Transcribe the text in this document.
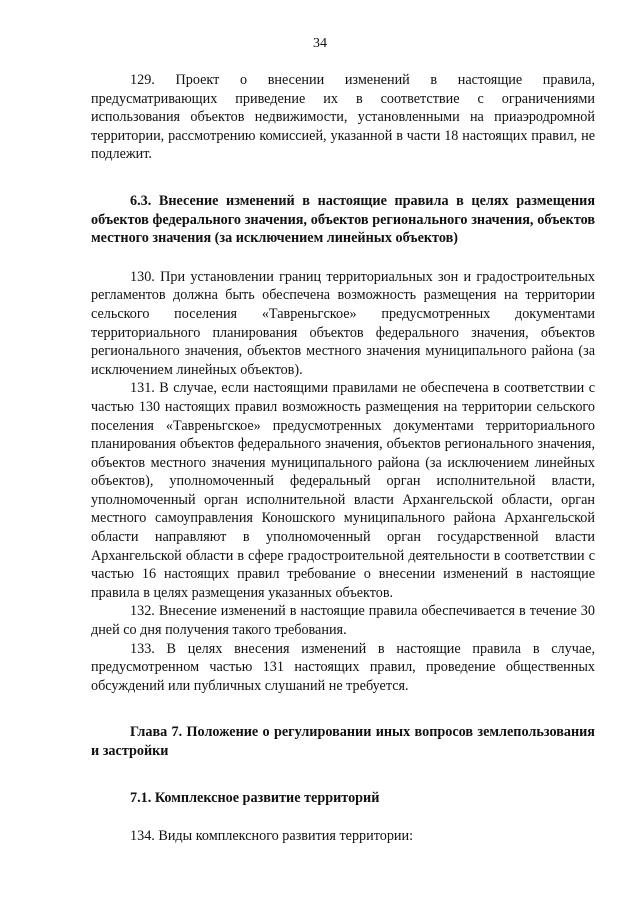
34

129. Проект о внесении изменений в настоящие правила, предусматривающих приведение их в соответствие с ограничениями использования объектов недвижимости, установленными на приаэродромной территории, рассмотрению комиссией, указанной в части 18 настоящих правил, не подлежит.

6.3. Внесение изменений в настоящие правила в целях размещения объектов федерального значения, объектов регионального значения, объектов местного значения (за исключением линейных объектов)

130. При установлении границ территориальных зон и градостроительных регламентов должна быть обеспечена возможность размещения на территории сельского поселения «Тавреньгское» предусмотренных документами территориального планирования объектов федерального значения, объектов регионального значения, объектов местного значения муниципального района (за исключением линейных объектов).

131. В случае, если настоящими правилами не обеспечена в соответствии с частью 130 настоящих правил возможность размещения на территории сельского поселения «Тавреньгское» предусмотренных документами территориального планирования объектов федерального значения, объектов регионального значения, объектов местного значения муниципального района (за исключением линейных объектов), уполномоченный федеральный орган исполнительной власти, уполномоченный орган исполнительной власти Архангельской области, орган местного самоуправления Коношского муниципального района Архангельской области направляют в уполномоченный орган государственной власти Архангельской области в сфере градостроительной деятельности в соответствии с частью 16 настоящих правил требование о внесении изменений в настоящие правила в целях размещения указанных объектов.

132. Внесение изменений в настоящие правила обеспечивается в течение 30 дней со дня получения такого требования.

133. В целях внесения изменений в настоящие правила в случае, предусмотренном частью 131 настоящих правил, проведение общественных обсуждений или публичных слушаний не требуется.

Глава 7. Положение о регулировании иных вопросов землепользования и застройки

7.1. Комплексное развитие территорий

134. Виды комплексного развития территории:
